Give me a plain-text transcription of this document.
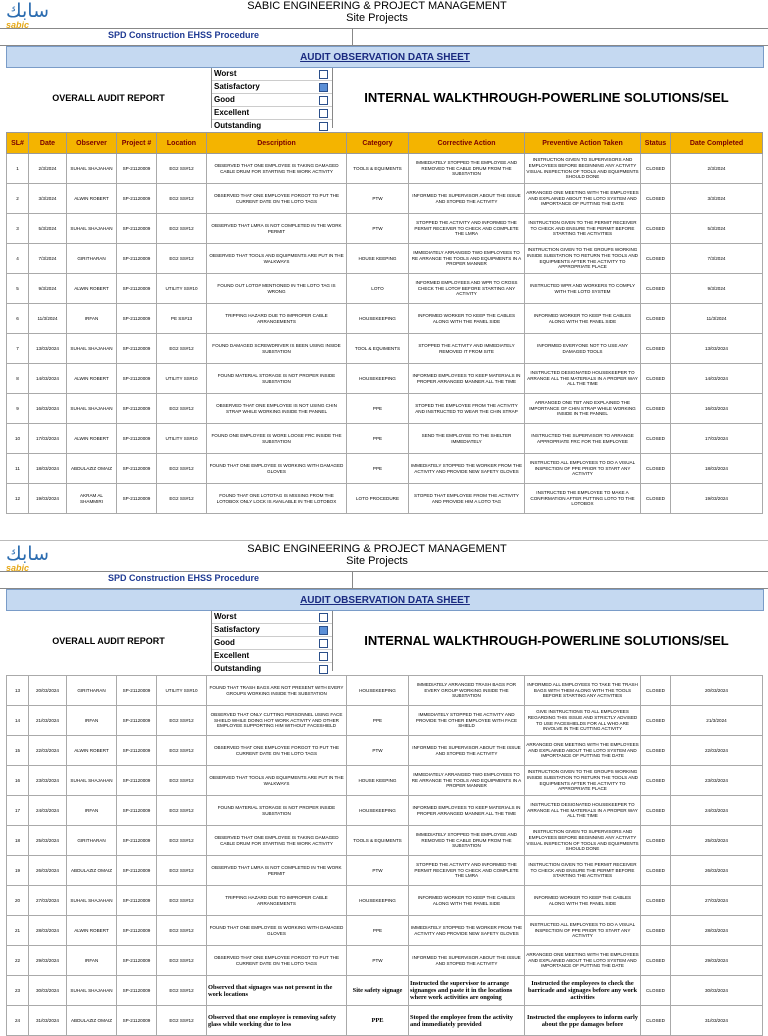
سابك
sabic
SABIC ENGINEERING & PROJECT MANAGEMENT
Site Projects
SPD Construction EHSS Procedure
AUDIT OBSERVATION DATA SHEET
OVERALL AUDIT REPORT
Worst
Satisfactory
Good
Excellent
Outstanding
INTERNAL WALKTHROUGH-POWERLINE SOLUTIONS/SEL
SL#	Date	Observer	Project #	Location	Description	Category	Corrective Action	Preventive Action Taken	Status	Date Completed
1	2/3/2024	SUHAIL SHAJAHAN	SP-21120009	EG2 SS#12	OBSERVED THAT ONE EMPLOYEE IS TAKING DAMAGED CABLE DRUM FOR STARTING THE WORK ACTIVITY	TOOLS & EQUIMENTS	IMMEDIATELY STOPPED THE EMPLOYEE AND REMOVED THE CABLE DRUM FROM THE SUBSTATION	INSTRUCTION GIVEN TO SUPERVISORS AND EMPLOYEES BEFORE BEGINNING ANY ACTIVITY VISUAL INSPECTION OF TOOLS AND EQUIPMENTS SHOULD DONE	CLOSED	2/3/2024
2	3/3/2024	ALWIN ROBERT	SP-21120009	EG2 SS#12	OBSERVED THAT ONE EMPLOYEE FORGOT TO PUT THE CURRENT DATE ON THE LOTO TAGS	PTW	INFORMED THE SUPERVISOR ABOUT THE ISSUE AND STOPED THE ACTIVITY	ARRANGED ONE MEETING WITH THE EMPLOYEES AND EXPLAINED ABOUT THE LOTO SYSTEM AND IMPORTANCE OF PUTTING THE DATE	CLOSED	3/3/2024
3	5/3/2024	SUHAIL SHAJAHAN	SP-21120009	EG2 SS#12	OBSERVED THAT LMRA IS NOT COMPLETED IN THE WORK PERMIT	PTW	STOPPED THE ACTIVITY AND INFORMED THE PERMIT RECEIVER TO CHECK AND COMPLETE THE LMRA	INSTRUCTION GIVEN TO THE PERMIT RECEIVER TO CHECK AND ENSURE THE PERMIT BEFORE STARTING THE ACTIVITIES	CLOSED	5/3/2024
4	7/3/2024	GIRITHARAN	SP-21120009	EG2 SS#12	OBSERVED THAT TOOLS AND EQUIPMENTS ARE PUT IN THE WALKWAYS	HOUSE KEEPING	IMMEDIATELY ARRANGED TWO EMPLOYEES TO RE ARRANGE THE TOOLS AND EQUIPMENTS IN A PROPER MANNER	INSTRUCTION GIVEN TO THE GROUPS WORKING INSIDE SUBSTATION TO RETURN THE TOOLS AND EQUIPMENTS AFTER THE ACTIVITY TO APPROPRIATE PLACE	CLOSED	7/3/2024
5	9/3/2024	ALWIN ROBERT	SP-21120009	UTILITY SS#10	FOUND OUT LOTO# MENTIONED IN THE LOTO TAG IS WRONG	LOTO	INFORMED EMPLOYEES AND WPR TO CROSS CHECK THE LOTO# BEFORE STARTING ANY ACTIVITY	INSTRUCTED WPR AND WORKERS TO COMPLY WITH THE LOTO SYSTEM	CLOSED	9/3/2024
6	11/3/2024	IRFAN	SP-21120009	PE SS#13	TRIPPING HAZARD DUE TO IMPROPER CABLE ARRANGEMENTS	HOUSEKEEPING	INFORMED WORKER TO KEEP THE CABLES ALONG WITH THE PANEL SIDE	INFORMED WORKER TO KEEP THE CABLES ALONG WITH THE PANEL SIDE	CLOSED	11/3/2024
7	13/03/2024	SUHAIL SHAJAHAN	SP-21120009	EG2 SS#12	FOUND DAMAGED SCREWDRIVER IS BEEN USING INSIDE SUBSTATION	TOOL & EQUIMENTS	STOPPED THE ACTIVITY AND IMMEDIATELY REMOVED IT FROM SITE	INFORMED EVERYONE NOT TO USE ANY DAMAGED TOOLS	CLOSED	13/03/2024
8	14/03/2024	ALWIN ROBERT	SP-21120009	UTILITY SS#10	FOUND MATERIAL STORAGE IS NOT PROPER INSIDE SUBSTATION	HOUSEKEEPING	INFORMED EMPLOYEES TO KEEP MATERIALS IN PROPER ARRANGED MANNER ALL THE TIME	INSTRUCTED DESIGNATED HOUSEKEEPER TO ARRANGE ALL THE MATERIALS IN A PROPER WAY ALL THE TIME	CLOSED	14/03/2024
9	16/03/2024	SUHAIL SHAJAHAN	SP-21120009	EG2 SS#12	OBSERVED THAT ONE EMPLOYEE IS NOT USING CHIN STRAP WHILE WORKING INSIDE THE PANNEL	PPE	STOPED THE EMPLOYEE FROM THE ACTIVITY AND INSTRUCTED TO WEAR THE CHIN STRAP	ARRANGED ONE TBT AND EXPLAINED THE IMPORTANCE OF CHIN STRAP WHILE WORKING INSIDE IN THE PANNEL	CLOSED	16/03/2024
10	17/03/2024	ALWIN ROBERT	SP-21120009	UTILITY SS#10	FOUND ONE EMPLOYEE IS WORE LOOSE FRC INSIDE THE SUBSTATION	PPE	SEND THE EMPLOYEE TO THE SHELTER IMMEDIATELY	INSTRUCTED THE SUPERVISOR TO ARRANGE APPROPRIATE FRC FOR THE EMPLOYEE	CLOSED	17/03/2024
11	18/03/2024	ABDULAZIZ OMAIZ	SP-21120009	EG2 SS#12	FOUND THAT ONE EMPLOYEE IS WORKING WITH DAMAGED GLOVES	PPE	IMMEDIATELY STOPPED THE WORKER FROM THE ACTIVITY AND PROVIDE NEW SAFETY GLOVES	INSTRUCTED ALL EMPLOYEES TO DO A VISUAL INSPECTION OF PPE PRIOR TO START ANY ACTIVITY	CLOSED	18/03/2024
12	19/03/2024	AKRAM AL SHAMMIRI	SP-21120009	EG2 SS#12	FOUND THAT ONE LOTOTAG IS MISSING FROM THE LOTOBOX ONLY LOCK IS AVAILABLE IN THE LOTOBOX	LOTO PROCEDURE	STOPED THAT EMPLOYEE FROM THE ACTIVITY AND PROVIDE HIM A LOTO TAG	INSTRUCTED THE EMPLOYEE TO MAKE A CONFIRMATION AFTER PUTTING LOTO TO THE LOTOBOX	CLOSED	19/03/2024
سابك
sabic
SABIC ENGINEERING & PROJECT MANAGEMENT
Site Projects
SPD Construction EHSS Procedure
AUDIT OBSERVATION DATA SHEET
OVERALL AUDIT REPORT
Worst
Satisfactory
Good
Excellent
Outstanding
INTERNAL WALKTHROUGH-POWERLINE SOLUTIONS/SEL
13	20/03/2024	GIRITHARAN	SP-21120009	UTILITY SS#10	FOUND THAT TRASH BAGS ARE NOT PRESENT WITH EVERY GROUPS WORKING INSIDE THE SUBSTATION	HOUSEKEEPING	IMMEDIATELY ARRANGED TRASH BAGS FOR EVERY GROUP WORKING INSIDE THE SUBSTATION	INFORMED ALL EMPLOYEES TO TAKE THE TRASH BAGS WITH THEM ALONG WITH THE TOOLS BEFORE STARTING ANY ACTIVITIES	CLOSED	20/03/2024
14	21/03/2024	IRFAN	SP-21120009	EG2 SS#12	OBSERVED THAT ONLY CUTTING PERSONNEL USING FACE SHIELD WHILE DOING HOT WORK ACTIVITY AND OTHER EMPLOYEE SUPPORTING HIM WITHOUT FACESHIELD	PPE	IMMEDIATELY STOPPED THE ACTIVITY AND PROVIDE THE OTHER EMPLOYEE WITH FACE SHIELD	GIVE INSTRUCTIONS TO ALL EMPLOYEES REGARDING THIS ISSUE AND STRICTLY ADVISED TO USE FACESHIELDS FOR ALL WHO ARE INVOLVE IN THE CUTTING ACTIVITY	CLOSED	21/3/2024
15	22/03/2024	ALWIN ROBERT	SP-21120009	EG2 SS#12	OBSERVED THAT ONE EMPLOYEE FORGOT TO PUT THE CURRENT DATE ON THE LOTO TAGS	PTW	INFORMED THE SUPERVISOR ABOUT THE ISSUE AND STOPED THE ACTIVITY	ARRANGED ONE MEETING WITH THE EMPLOYEES AND EXPLAINED ABOUT THE LOTO SYSTEM AND IMPORTANCE OF PUTTING THE DATE	CLOSED	22/03/2024
16	23/03/2024	SUHAIL SHAJAHAN	SP-21120009	EG2 SS#12	OBSERVED THAT TOOLS AND EQUIPMENTS ARE PUT IN THE WALKWAYS	HOUSE KEEPING	IMMEDIATELY ARRANGED TWO EMPLOYEES TO RE ARRANGE THE TOOLS AND EQUIPMENTS IN A PROPER MANNER	INSTRUCTION GIVEN TO THE GROUPS WORKING INSIDE SUBSTATION TO RETURN THE TOOLS AND EQUIPMENTS AFTER THE ACTIVITY TO APPROPRIATE PLACE	CLOSED	23/03/2024
17	24/03/2024	IRFAN	SP-21120009	EG2 SS#12	FOUND MATERIAL STORAGE IS NOT PROPER INSIDE SUBSTATION	HOUSEKEEPING	INFORMED EMPLOYEES TO KEEP MATERIALS IN PROPER ARRANGED MANNER ALL THE TIME	INSTRUCTED DESIGNATED HOUSEKEEPER TO ARRANGE ALL THE MATERIALS IN A PROPER WAY ALL THE TIME	CLOSED	24/03/2024
18	25/03/2024	GIRITHARAN	SP-21120009	EG2 SS#12	OBSERVED THAT ONE EMPLOYEE IS TAKING DAMAGED CABLE DRUM FOR STARTING THE WORK ACTIVITY	TOOLS & EQUIMENTS	IMMEDIATELY STOPPED THE EMPLOYEE AND REMOVED THE CABLE DRUM FROM THE SUBSTATION	INSTRUCTION GIVEN TO SUPERVISORS AND EMPLOYEES BEFORE BEGINNING ANY ACTIVITY VISUAL INSPECTION OF TOOLS AND EQUIPMENTS SHOULD DONE	CLOSED	25/03/2024
19	26/03/2024	ABDULAZIZ OMAIZ	SP-21120009	EG2 SS#12	OBSERVED THAT LMRA IS NOT COMPLETED IN THE WORK PERMIT	PTW	STOPPED THE ACTIVITY AND INFORMED THE PERMIT RECEIVER TO CHECK AND COMPLETE THE LMRA	INSTRUCTION GIVEN TO THE PERMIT RECEIVER TO CHECK AND ENSURE THE PERMIT BEFORE STARTING THE ACTIVITIES	CLOSED	26/03/2024
20	27/03/2024	SUHAIL SHAJAHAN	SP-21120009	EG2 SS#12	TRIPPING HAZARD DUE TO IMPROPER CABLE ARRANGEMENTS	HOUSEKEEPING	INFORMED WORKER TO KEEP THE CABLES ALONG WITH THE PANEL SIDE	INFORMED WORKER TO KEEP THE CABLES ALONG WITH THE PANEL SIDE	CLOSED	27/03/2024
21	28/03/2024	ALWIN ROBERT	SP-21120009	EG2 SS#12	FOUND THAT ONE EMPLOYEE IS WORKING WITH DAMAGED GLOVES	PPE	IMMEDIATELY STOPPED THE WORKER FROM THE ACTIVITY AND PROVIDE NEW SAFETY GLOVES	INSTRUCTED ALL EMPLOYEES TO DO A VISUAL INSPECTION OF PPE PRIOR TO START ANY ACTIVITY	CLOSED	28/03/2024
22	29/03/2024	IRFAN	SP-21120009	EG2 SS#12	OBSERVED THAT ONE EMPLOYEE FORGOT TO PUT THE CURRENT DATE ON THE LOTO TAGS	PTW	INFORMED THE SUPERVISOR ABOUT THE ISSUE AND STOPED THE ACTIVITY	ARRANGED ONE MEETING WITH THE EMPLOYEES AND EXPLAINED ABOUT THE LOTO SYSTEM AND IMPORTANCE OF PUTTING THE DATE	CLOSED	29/03/2024
23	30/03/2024	SUHAIL SHAJAHAN	SP-21120009	EG2 SS#12	Observed that signages was not present in the work locations	Site safety signage	Instructed the supervisor to arrange signanges and paste it in the locations where work activities are ongoing	Instructed the employees to check the barricade and signages before any work activities	CLOSED	30/03/2024
24	31/03/2024	ABDULAZIZ OMAIZ	SP-21120009	EG2 SS#12	Observed that one employee is removing safety glass while working due to less	PPE	Stoped the employee from the activity and immediately provided	Instructed the employees to inform early about the ppe damages before	CLOSED	31/03/2024
